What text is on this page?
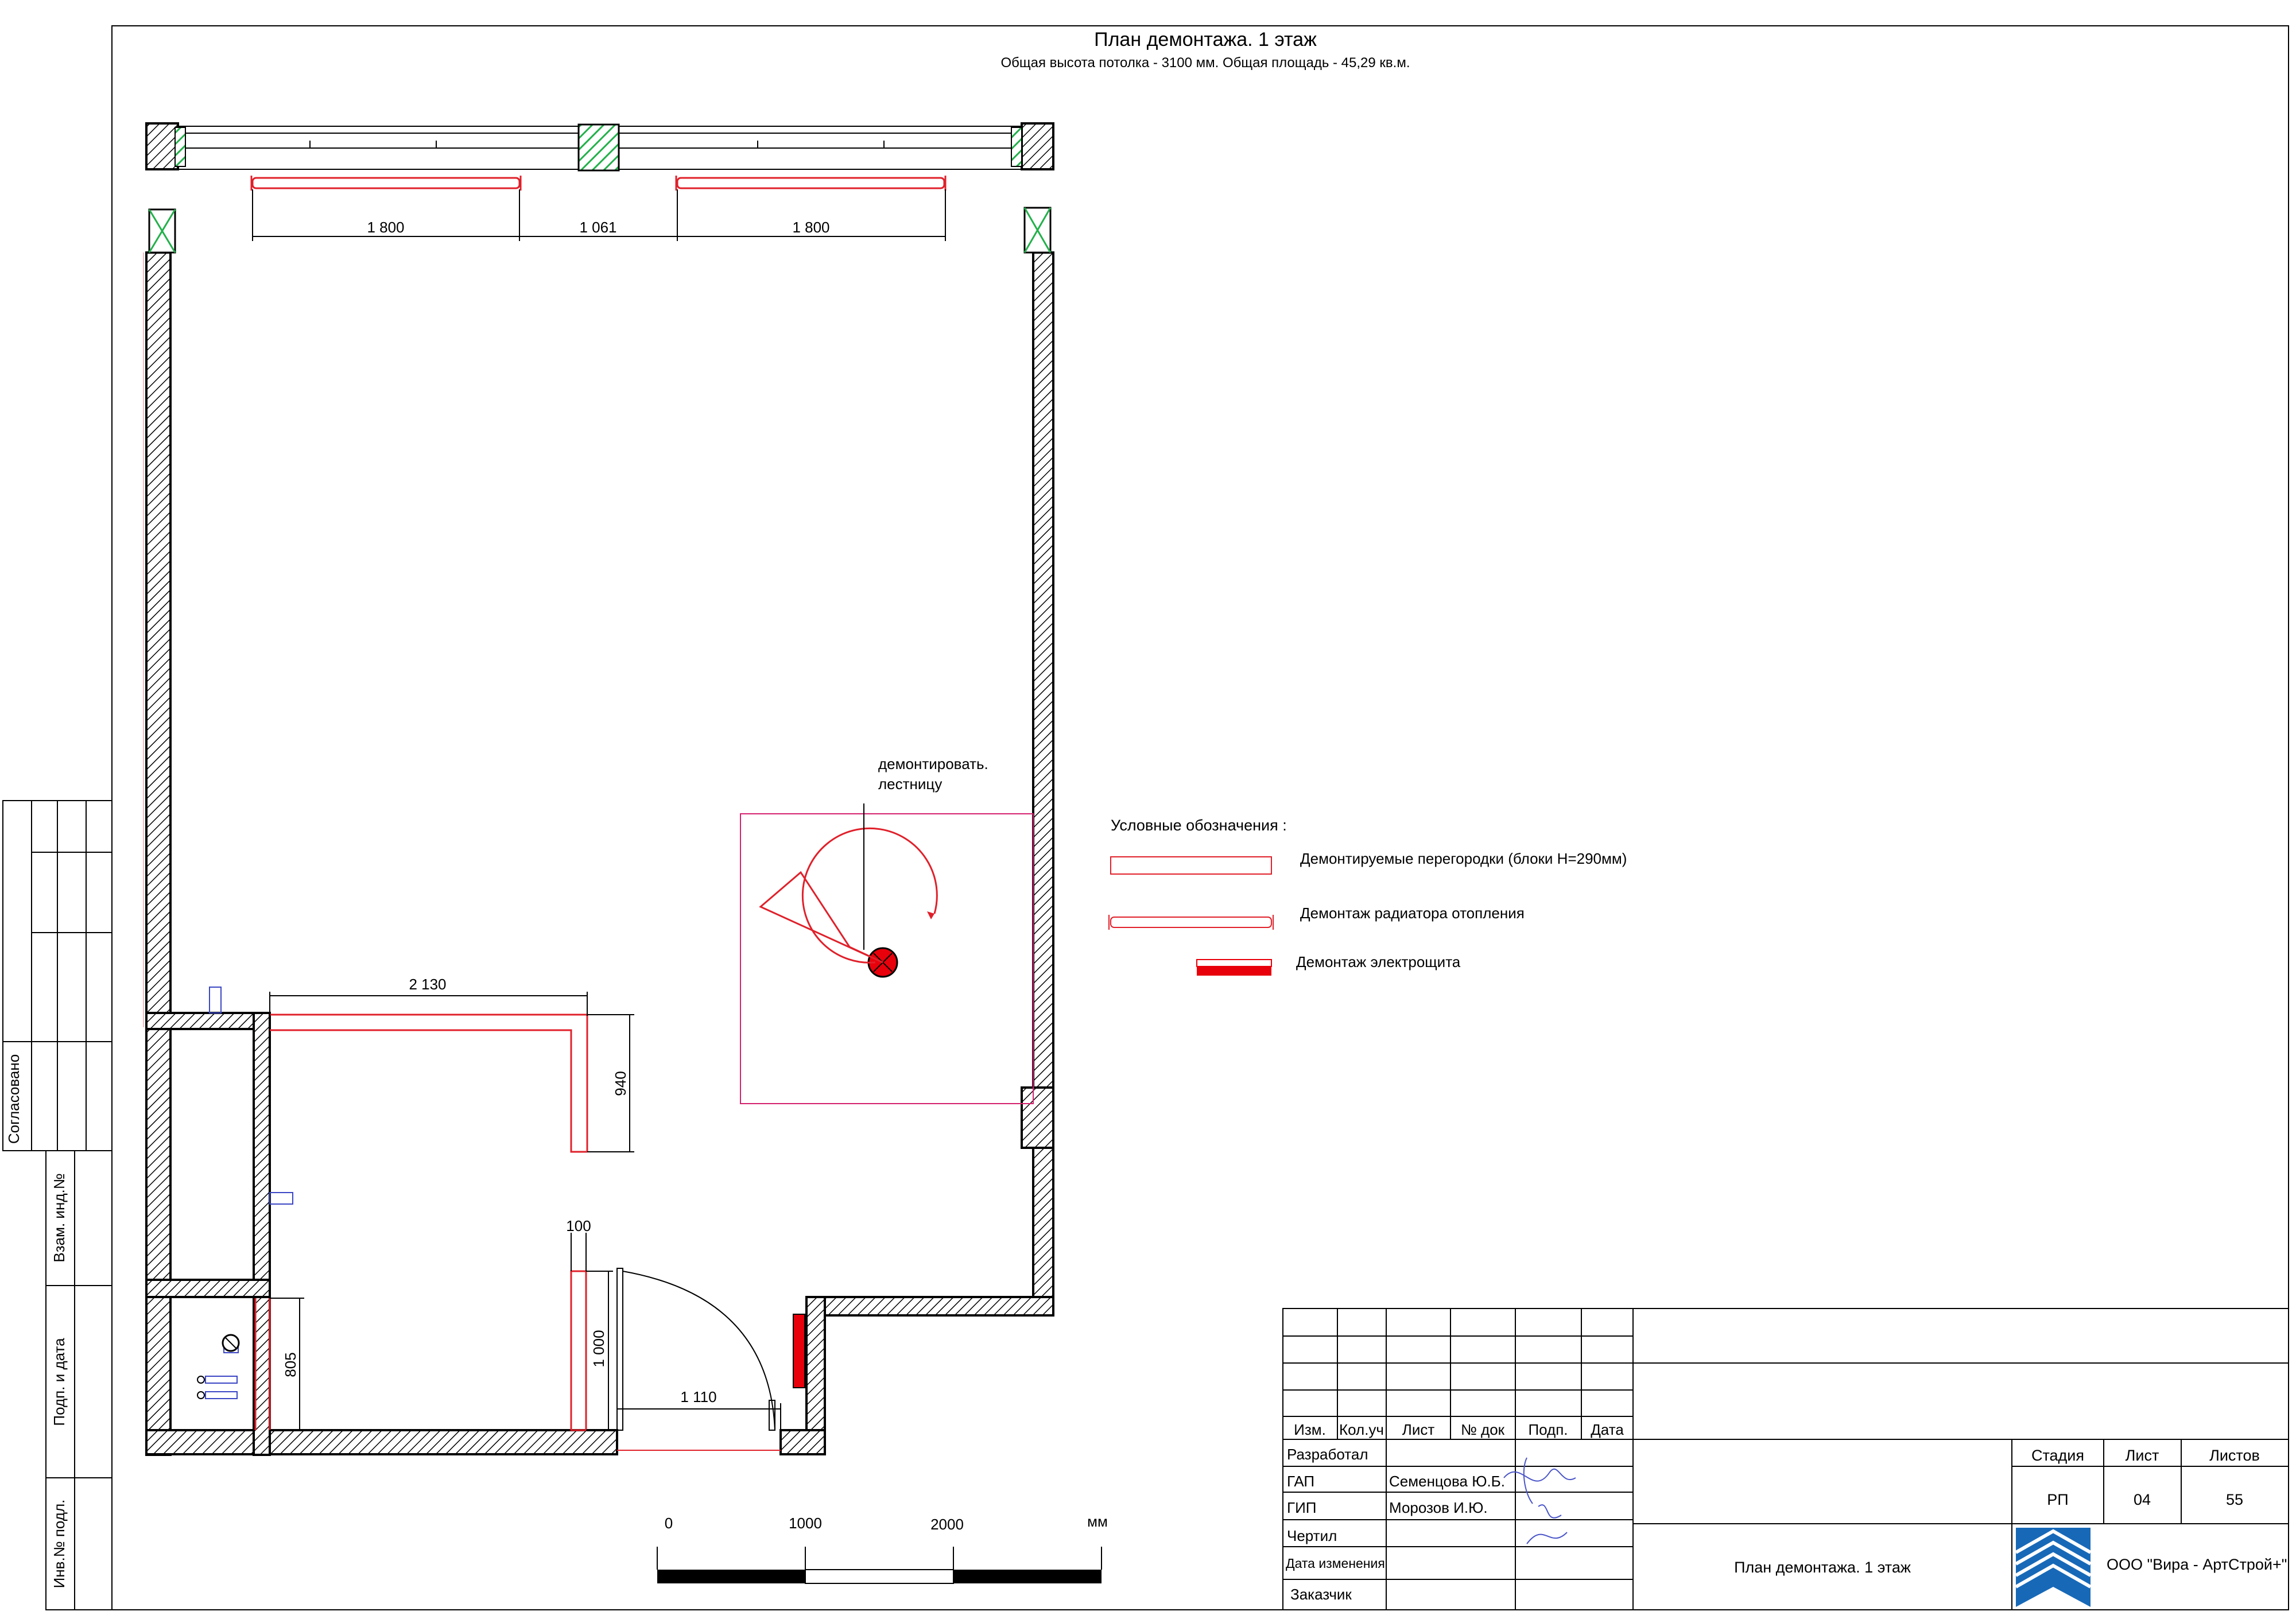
План демонтажа. 1 этаж
Общая высота потолка - 3100 мм. Общая площадь - 45,29 кв.м.
Согласовано
Взам. инд.№
Подп. и дата
Инв.№ подл.
1 800	1 061	1 800
2 130
940
100
1 000
805
1 110
демонтировать.
лестницу
Условные обозначения :
Демонтируемые перегородки (блоки Н=290мм)
Демонтаж радиатора отопления
Демонтаж электрощита
0	1000	2000	мм
Изм. Кол.уч Лист № док Подп. Дата
Разработал
ГАП	Семенцова Ю.Б.
ГИП	Морозов И.Ю.
Чертил
Дата изменения
Заказчик
Стадия	Лист	Листов
РП	04	55
План демонтажа. 1 этаж	ООО "Вира - АртСтрой+"
